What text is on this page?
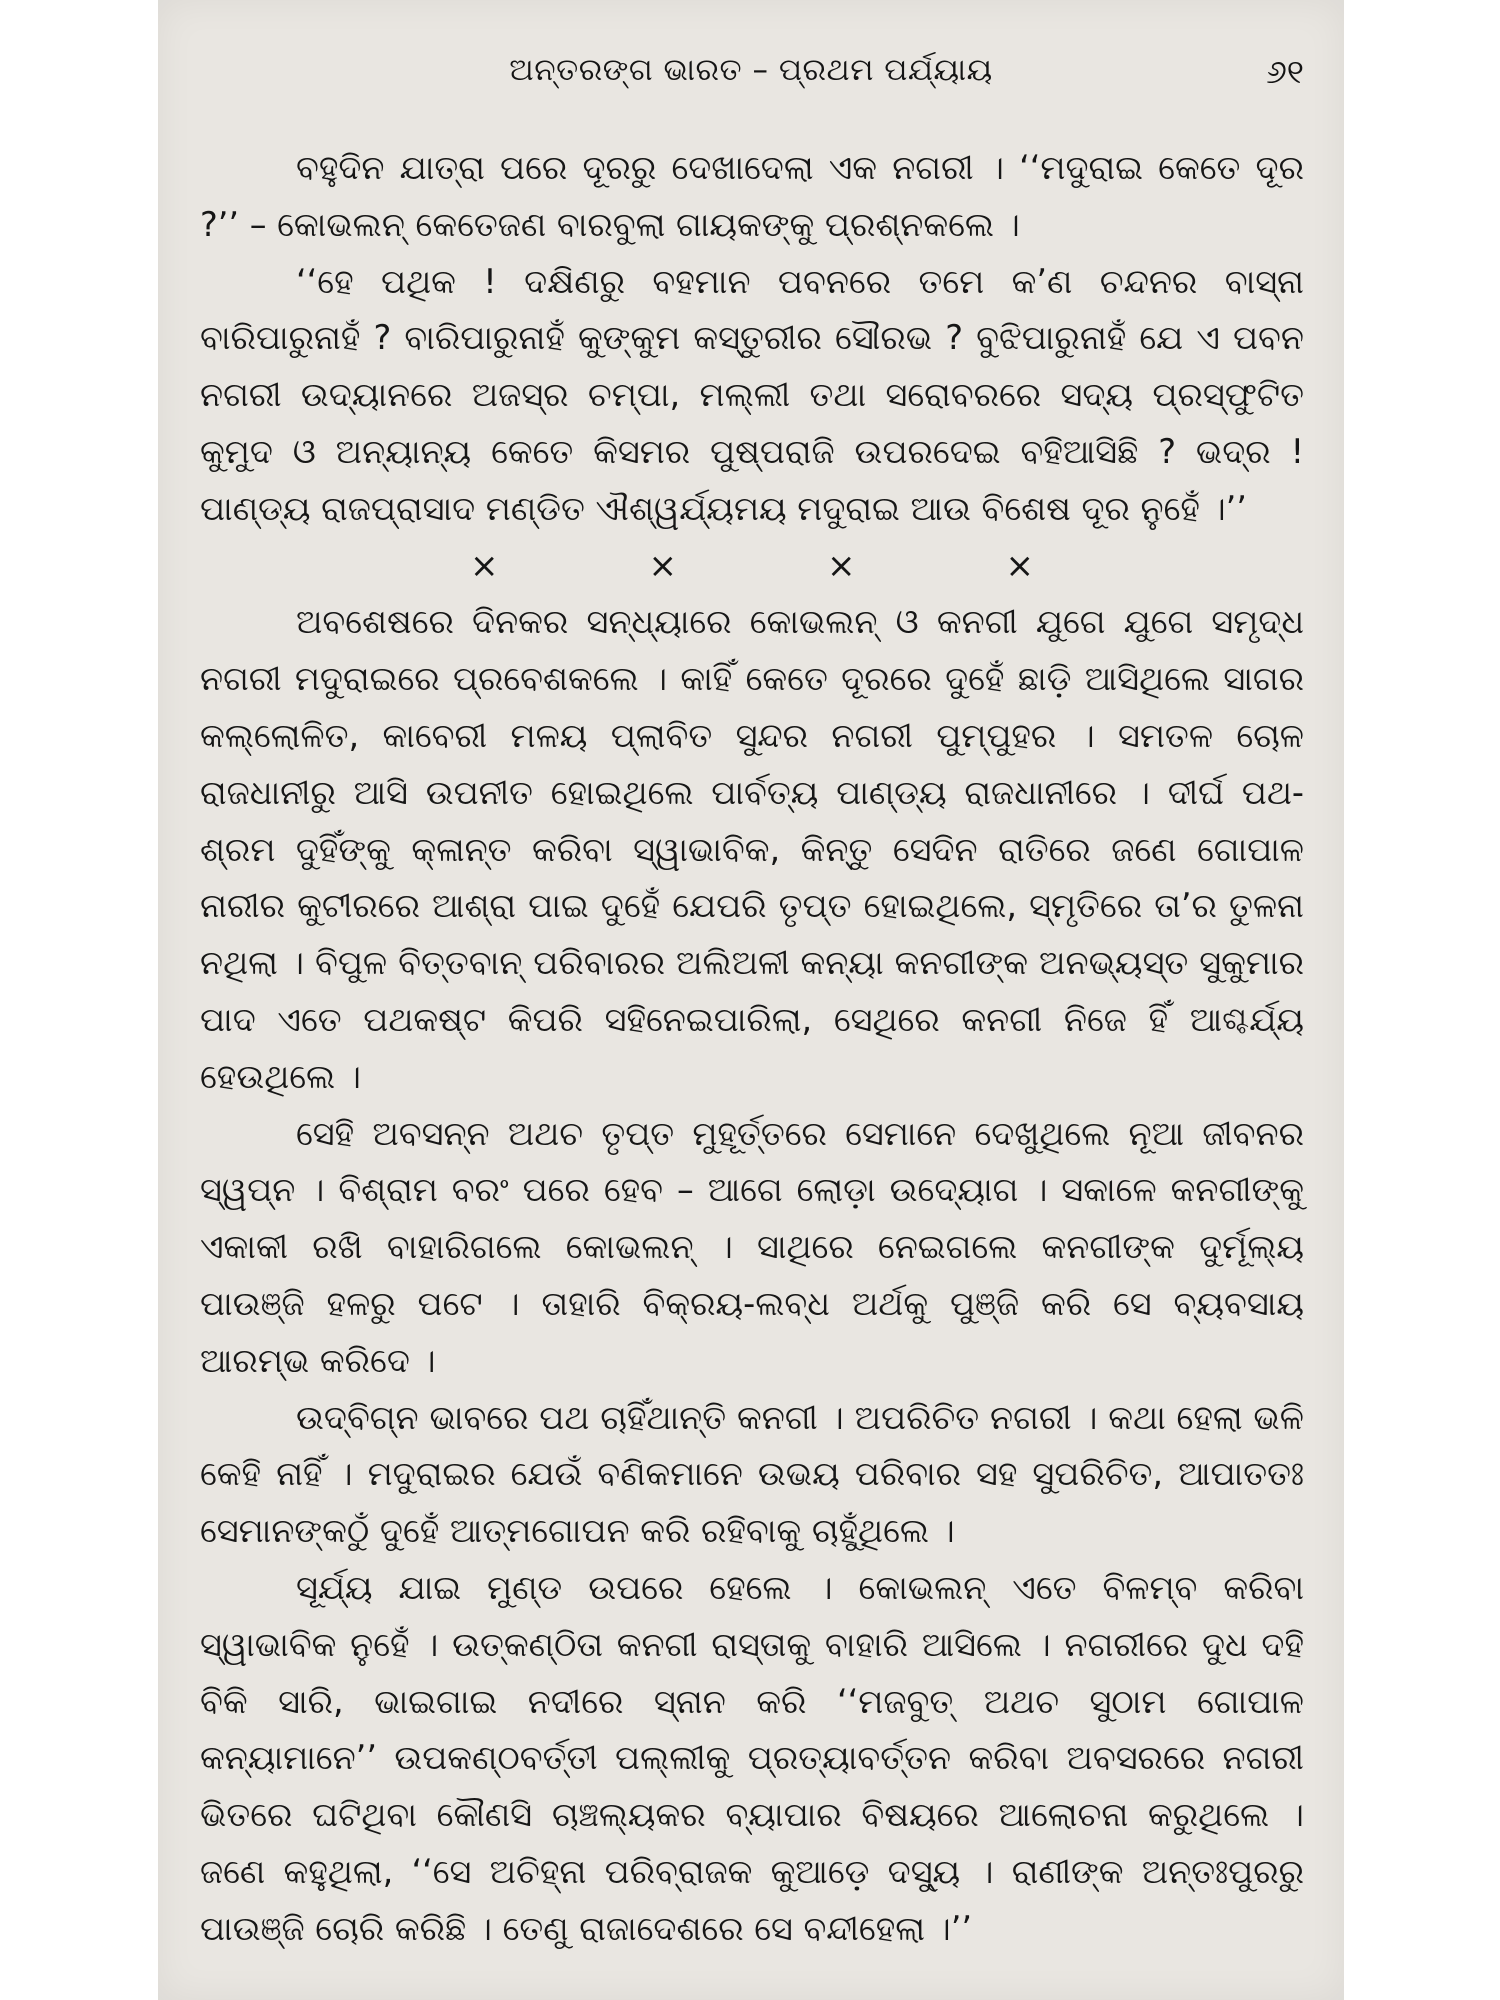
ଅନ୍ତରଙ୍ଗ ଭାରତ – ପ୍ରଥମ ପର୍ଯ୍ୟାୟ	୬୧

ବହୁଦିନ ଯାତ୍ରା ପରେ ଦୂରରୁ ଦେଖାଦେଲା ଏକ ନଗରୀ । ‘‘ମଦୁରାଇ କେତେ ଦୂର ?’’ – କୋଭଲନ୍ କେତେଜଣ ବାରବୁଲା ଗାୟକଙ୍କୁ ପ୍ରଶ୍ନକଲେ ।

‘‘ହେ ପଥିକ ! ଦକ୍ଷିଣରୁ ବହମାନ ପବନରେ ତମେ କ’ଣ ଚନ୍ଦନର ବାସ୍ନା ବାରିପାରୁନାହଁ ? ବାରିପାରୁନାହଁ କୁଙ୍କୁମ କସ୍ତୁରୀର ସୌରଭ ? ବୁଝିପାରୁନାହଁ ଯେ ଏ ପବନ ନଗରୀ ଉଦ୍ୟାନରେ ଅଜସ୍ର ଚମ୍ପା, ମଲ୍ଲୀ ତଥା ସରୋବରରେ ସଦ୍ୟ ପ୍ରସ୍ଫୁଟିତ କୁମୁଦ ଓ ଅନ୍ୟାନ୍ୟ କେତେ କିସମର ପୁଷ୍ପରାଜି ଉପରଦେଇ ବହିଆସିଛି ? ଭଦ୍ର ! ପାଣ୍ଡ୍ୟ ରାଜପ୍ରାସାଦ ମଣ୍ଡିତ ଐଶ୍ୱର୍ଯ୍ୟମୟ ମଦୁରାଇ ଆଉ ବିଶେଷ ଦୂର ନୁହେଁ ।’’

×	×	×	×

ଅବଶେଷରେ ଦିନକର ସନ୍ଧ୍ୟାରେ କୋଭଲନ୍ ଓ କନଗୀ ଯୁଗେ ଯୁଗେ ସମୃଦ୍ଧ ନଗରୀ ମଦୁରାଇରେ ପ୍ରବେଶକଲେ । କାହିଁ କେତେ ଦୂରରେ ଦୁହେଁ ଛାଡ଼ି ଆସିଥିଲେ ସାଗର କଲ୍ଲୋଳିତ, କାବେରୀ ମଳୟ ପ୍ଲାବିତ ସୁନ୍ଦର ନଗରୀ ପୁମ୍ପୁହର । ସମତଳ ଚୋଳ ରାଜଧାନୀରୁ ଆସି ଉପନୀତ ହୋଇଥିଲେ ପାର୍ବତ୍ୟ ପାଣ୍ଡ୍ୟ ରାଜଧାନୀରେ । ଦୀର୍ଘ ପଥ-ଶ୍ରମ ଦୁହିଁଙ୍କୁ କ୍ଳାନ୍ତ କରିବା ସ୍ୱାଭାବିକ, କିନ୍ତୁ ସେଦିନ ରାତିରେ ଜଣେ ଗୋପାଳ ନାରୀର କୁଟୀରରେ ଆଶ୍ରା ପାଇ ଦୁହେଁ ଯେପରି ତୃପ୍ତ ହୋଇଥିଲେ, ସ୍ମୃତିରେ ତା’ର ତୁଳନା ନଥିଲା । ବିପୁଳ ବିତ୍ତବାନ୍ ପରିବାରର ଅଲିଅଳୀ କନ୍ୟା କନଗୀଙ୍କ ଅନଭ୍ୟସ୍ତ ସୁକୁମାର ପାଦ ଏତେ ପଥକଷ୍ଟ କିପରି ସହିନେଇପାରିଲା, ସେଥିରେ କନଗୀ ନିଜେ ହିଁ ଆଶ୍ଚର୍ଯ୍ୟ ହେଉଥିଲେ ।

ସେହି ଅବସନ୍ନ ଅଥଚ ତୃପ୍ତ ମୁହୂର୍ତ୍ତରେ ସେମାନେ ଦେଖୁଥିଲେ ନୂଆ ଜୀବନର ସ୍ୱପ୍ନ । ବିଶ୍ରାମ ବରଂ ପରେ ହେବ – ଆଗେ ଲୋଡ଼ା ଉଦ୍ୟୋଗ । ସକାଳେ କନଗୀଙ୍କୁ ଏକାକୀ ରଖି ବାହାରିଗଲେ କୋଭଲନ୍ । ସାଥିରେ ନେଇଗଲେ କନଗୀଙ୍କ ଦୁର୍ମୂଲ୍ୟ ପାଉଞ୍ଜି ହଳରୁ ପଟେ । ତାହାରି ବିକ୍ରୟ-ଲବ୍ଧ ଅର୍ଥକୁ ପୁଞ୍ଜି କରି ସେ ବ୍ୟବସାୟ ଆରମ୍ଭ କରିଦେ ।

ଉଦ୍‌ବିଗ୍ନ ଭାବରେ ପଥ ଚାହିଁଥାନ୍ତି କନଗୀ । ଅପରିଚିତ ନଗରୀ । କଥା ହେଲା ଭଳି କେହି ନାହିଁ । ମଦୁରାଇର ଯେଉଁ ବଣିକମାନେ ଉଭୟ ପରିବାର ସହ ସୁପରିଚିତ, ଆପାତତଃ ସେମାନଙ୍କଠୁଁ ଦୁହେଁ ଆତ୍ମଗୋପନ କରି ରହିବାକୁ ଚାହୁଁଥିଲେ ।

ସୂର୍ଯ୍ୟ ଯାଇ ମୁଣ୍ଡ ଉପରେ ହେଲେ । କୋଭଲନ୍ ଏତେ ବିଳମ୍ବ କରିବା ସ୍ୱାଭାବିକ ନୁହେଁ । ଉତ୍କଣ୍ଠିତା କନଗୀ ରାସ୍ତାକୁ ବାହାରି ଆସିଲେ । ନଗରୀରେ ଦୁଧ ଦହି ବିକି ସାରି, ଭାଇଗାଇ ନଦୀରେ ସ୍ନାନ କରି ‘‘ମଜବୁତ୍ ଅଥଚ ସୁଠାମ ଗୋପାଳ କନ୍ୟାମାନେ’’ ଉପକଣ୍ଠବର୍ତ୍ତୀ ପଲ୍ଲୀକୁ ପ୍ରତ୍ୟାବର୍ତ୍ତନ କରିବା ଅବସରରେ ନଗରୀ ଭିତରେ ଘଟିଥିବା କୌଣସି ଚାଞ୍ଚଲ୍ୟକର ବ୍ୟାପାର ବିଷୟରେ ଆଲୋଚନା କରୁଥିଲେ । ଜଣେ କହୁଥିଲା, ‘‘ସେ ଅଚିହ୍ନା ପରିବ୍ରାଜକ କୁଆଡ଼େ ଦସ୍ୟୁ । ରାଣୀଙ୍କ ଅନ୍ତଃପୁରରୁ ପାଉଞ୍ଜି ଚୋରି କରିଛି । ତେଣୁ ରାଜାଦେଶରେ ସେ ବନ୍ଦୀହେଲା ।’’
